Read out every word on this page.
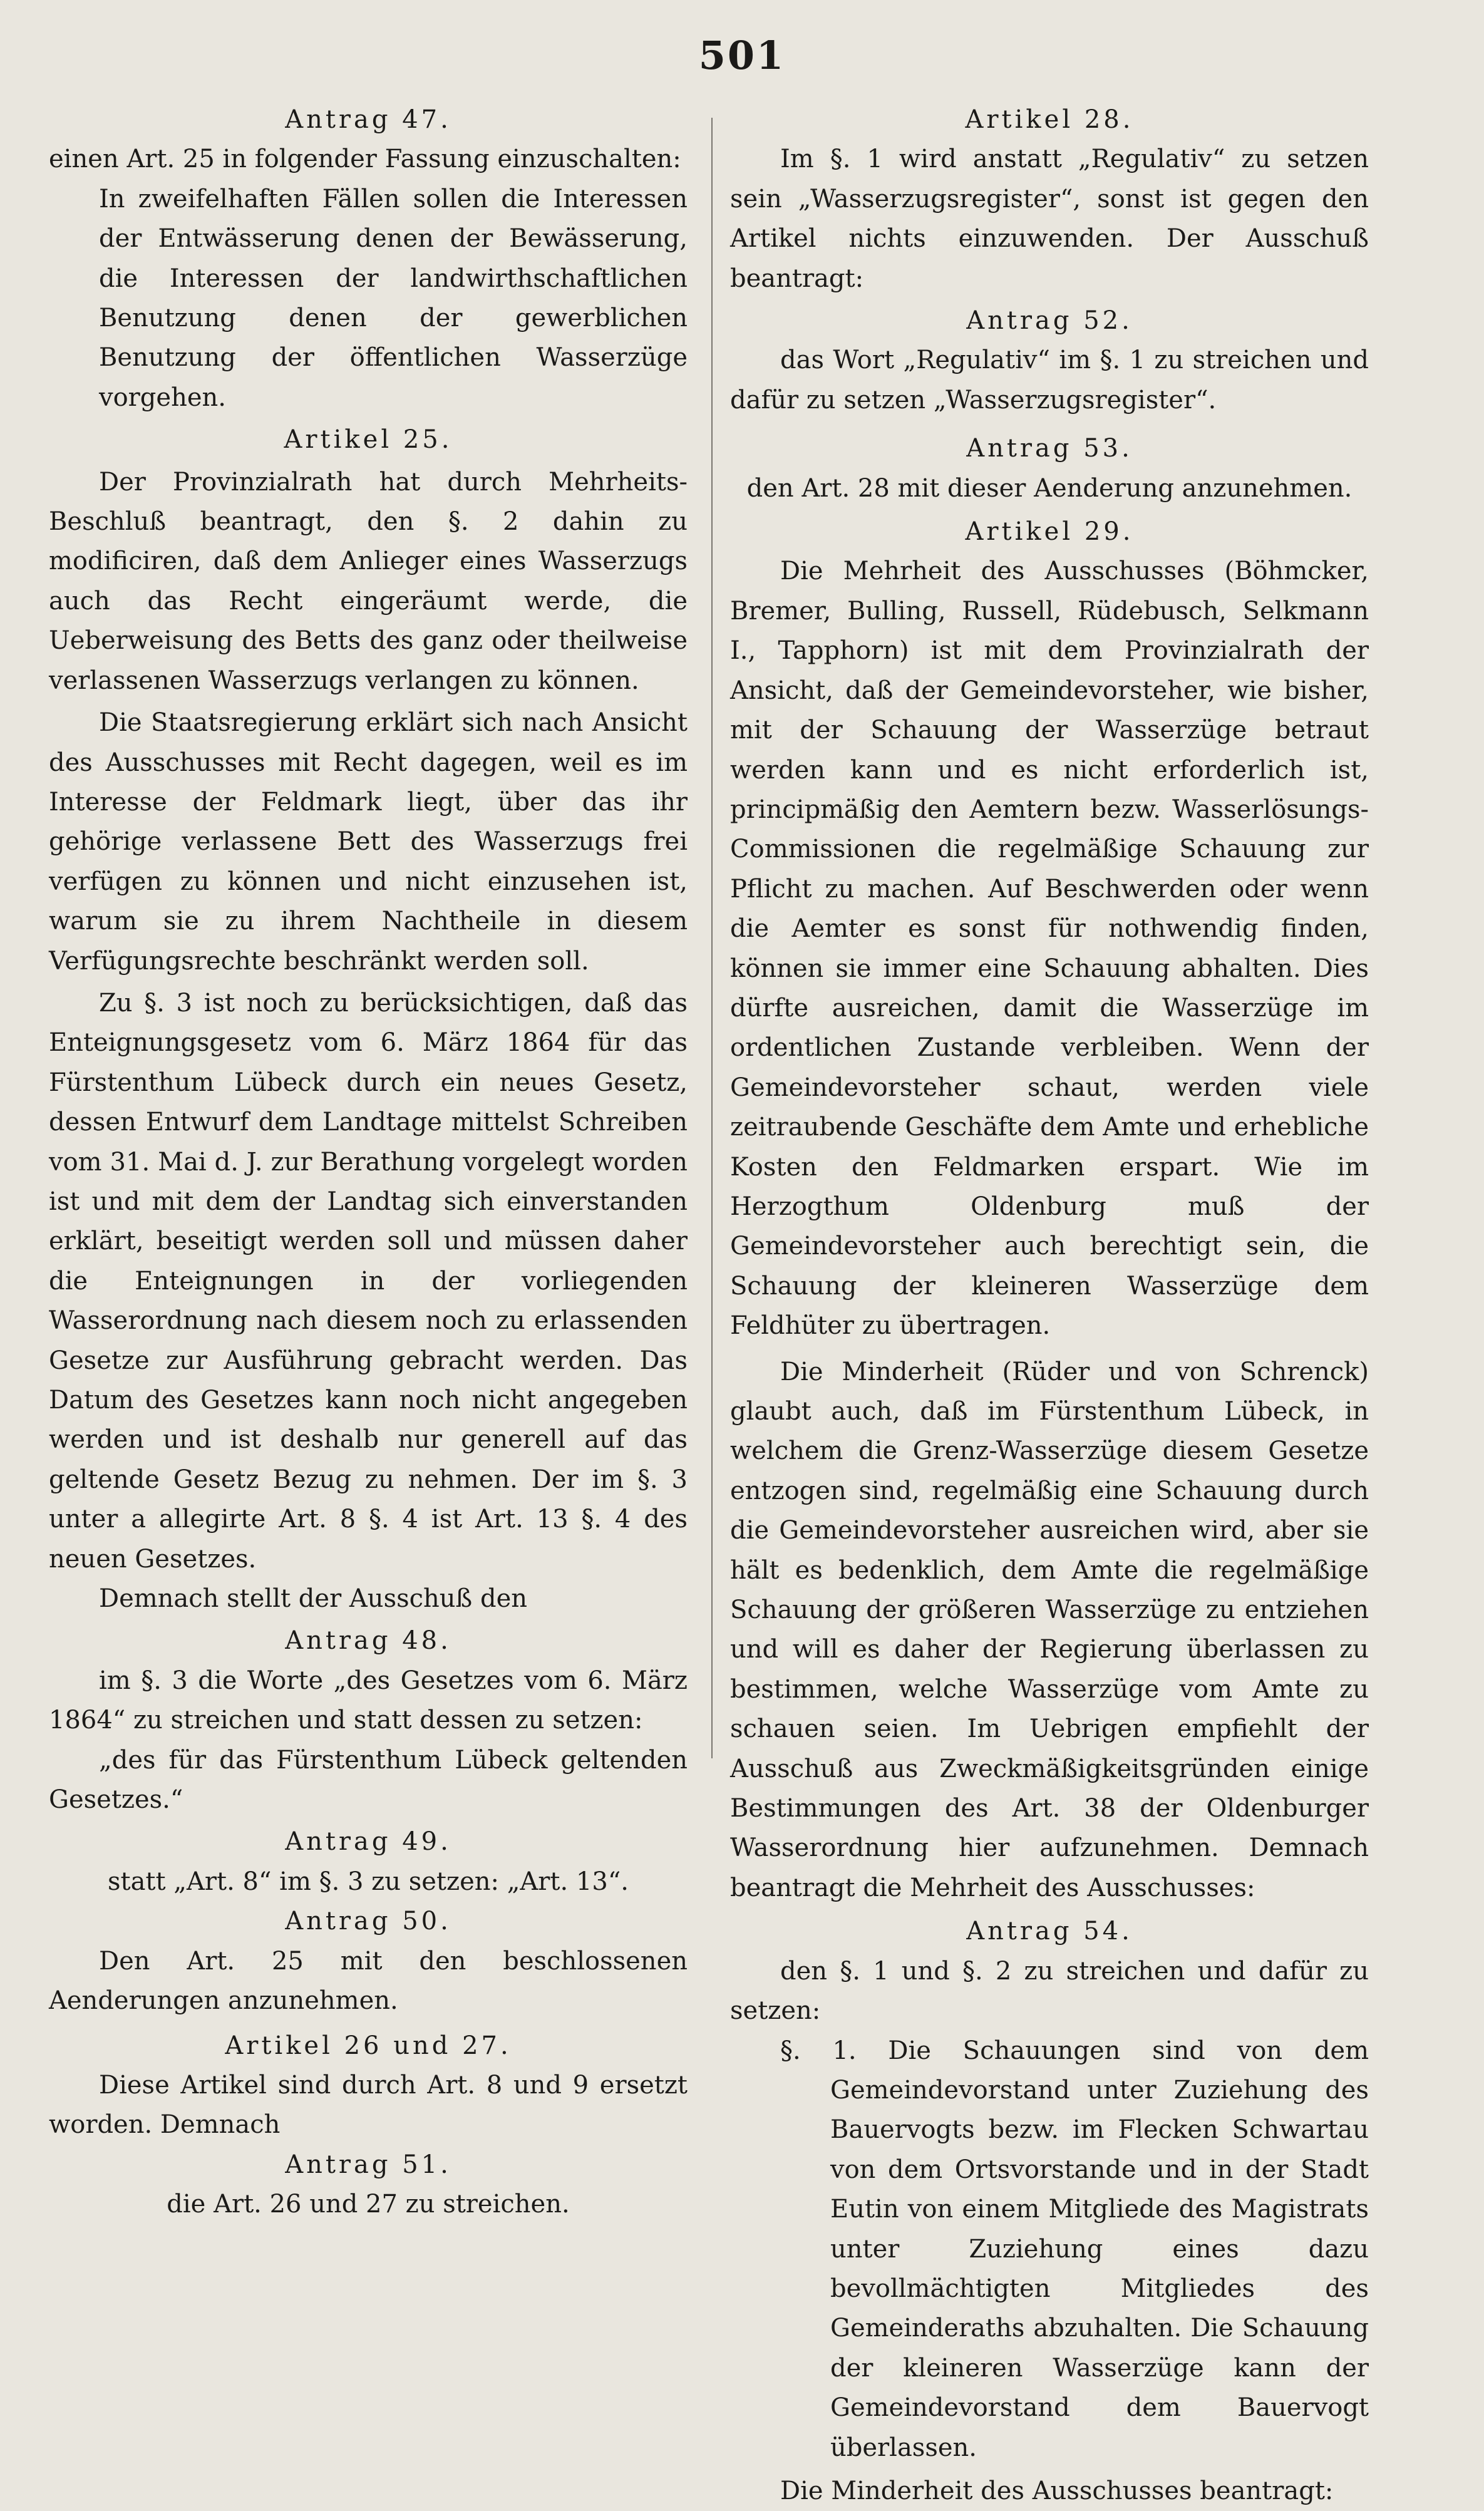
501

Antrag 47.

einen Art. 25 in folgender Fassung einzuschalten:

In zweifelhaften Fällen sollen die Interessen der Entwässerung denen der Bewässerung, die Interessen der landwirthschaftlichen Benutzung denen der gewerblichen Benutzung der öffentlichen Wasserzüge vorgehen.

Artikel 25.

Der Provinzialrath hat durch Mehrheits-Beschluß beantragt, den §. 2 dahin zu modificiren, daß dem Anlieger eines Wasserzugs auch das Recht eingeräumt werde, die Ueberweisung des Betts des ganz oder theilweise verlassenen Wasserzugs verlangen zu können.

Die Staatsregierung erklärt sich nach Ansicht des Ausschusses mit Recht dagegen, weil es im Interesse der Feldmark liegt, über das ihr gehörige verlassene Bett des Wasserzugs frei verfügen zu können und nicht einzusehen ist, warum sie zu ihrem Nachtheile in diesem Verfügungsrechte beschränkt werden soll.

Zu §. 3 ist noch zu berücksichtigen, daß das Enteignungsgesetz vom 6. März 1864 für das Fürstenthum Lübeck durch ein neues Gesetz, dessen Entwurf dem Landtage mittelst Schreiben vom 31. Mai d. J. zur Berathung vorgelegt worden ist und mit dem der Landtag sich einverstanden erklärt, beseitigt werden soll und müssen daher die Enteignungen in der vorliegenden Wasserordnung nach diesem noch zu erlassenden Gesetze zur Ausführung gebracht werden. Das Datum des Gesetzes kann noch nicht angegeben werden und ist deshalb nur generell auf das geltende Gesetz Bezug zu nehmen. Der im §. 3 unter a allegirte Art. 8 §. 4 ist Art. 13 §. 4 des neuen Gesetzes.

Demnach stellt der Ausschuß den

Antrag 48.

im §. 3 die Worte „des Gesetzes vom 6. März 1864“ zu streichen und statt dessen zu setzen:

„des für das Fürstenthum Lübeck geltenden Gesetzes.“

Antrag 49.

statt „Art. 8“ im §. 3 zu setzen: „Art. 13“.

Antrag 50.

Den Art. 25 mit den beschlossenen Aenderungen anzunehmen.

Artikel 26 und 27.

Diese Artikel sind durch Art. 8 und 9 ersetzt worden. Demnach

Antrag 51.

die Art. 26 und 27 zu streichen.

Artikel 28.

Im §. 1 wird anstatt „Regulativ“ zu setzen sein „Wasserzugsregister“, sonst ist gegen den Artikel nichts einzuwenden. Der Ausschuß beantragt:

Antrag 52.

das Wort „Regulativ“ im §. 1 zu streichen und dafür zu setzen „Wasserzugsregister“.

Antrag 53.

den Art. 28 mit dieser Aenderung anzunehmen.

Artikel 29.

Die Mehrheit des Ausschusses (Böhmcker, Bremer, Bulling, Russell, Rüdebusch, Selkmann I., Tapphorn) ist mit dem Provinzialrath der Ansicht, daß der Gemeindevorsteher, wie bisher, mit der Schauung der Wasserzüge betraut werden kann und es nicht erforderlich ist, principmäßig den Aemtern bezw. Wasserlösungs-Commissionen die regelmäßige Schauung zur Pflicht zu machen. Auf Beschwerden oder wenn die Aemter es sonst für nothwendig finden, können sie immer eine Schauung abhalten. Dies dürfte ausreichen, damit die Wasserzüge im ordentlichen Zustande verbleiben. Wenn der Gemeindevorsteher schaut, werden viele zeitraubende Geschäfte dem Amte und erhebliche Kosten den Feldmarken erspart. Wie im Herzogthum Oldenburg muß der Gemeindevorsteher auch berechtigt sein, die Schauung der kleineren Wasserzüge dem Feldhüter zu übertragen.

Die Minderheit (Rüder und von Schrenck) glaubt auch, daß im Fürstenthum Lübeck, in welchem die Grenz-Wasserzüge diesem Gesetze entzogen sind, regelmäßig eine Schauung durch die Gemeindevorsteher ausreichen wird, aber sie hält es bedenklich, dem Amte die regelmäßige Schauung der größeren Wasserzüge zu entziehen und will es daher der Regierung überlassen zu bestimmen, welche Wasserzüge vom Amte zu schauen seien. Im Uebrigen empfiehlt der Ausschuß aus Zweckmäßigkeitsgründen einige Bestimmungen des Art. 38 der Oldenburger Wasserordnung hier aufzunehmen. Demnach beantragt die Mehrheit des Ausschusses:

Antrag 54.

den §. 1 und §. 2 zu streichen und dafür zu setzen:

§. 1. Die Schauungen sind von dem Gemeindevorstand unter Zuziehung des Bauervogts bezw. im Flecken Schwartau von dem Ortsvorstande und in der Stadt Eutin von einem Mitgliede des Magistrats unter Zuziehung eines dazu bevollmächtigten Mitgliedes des Gemeinderaths abzuhalten. Die Schauung der kleineren Wasserzüge kann der Gemeindevorstand dem Bauervogt überlassen.

Die Minderheit des Ausschusses beantragt:
